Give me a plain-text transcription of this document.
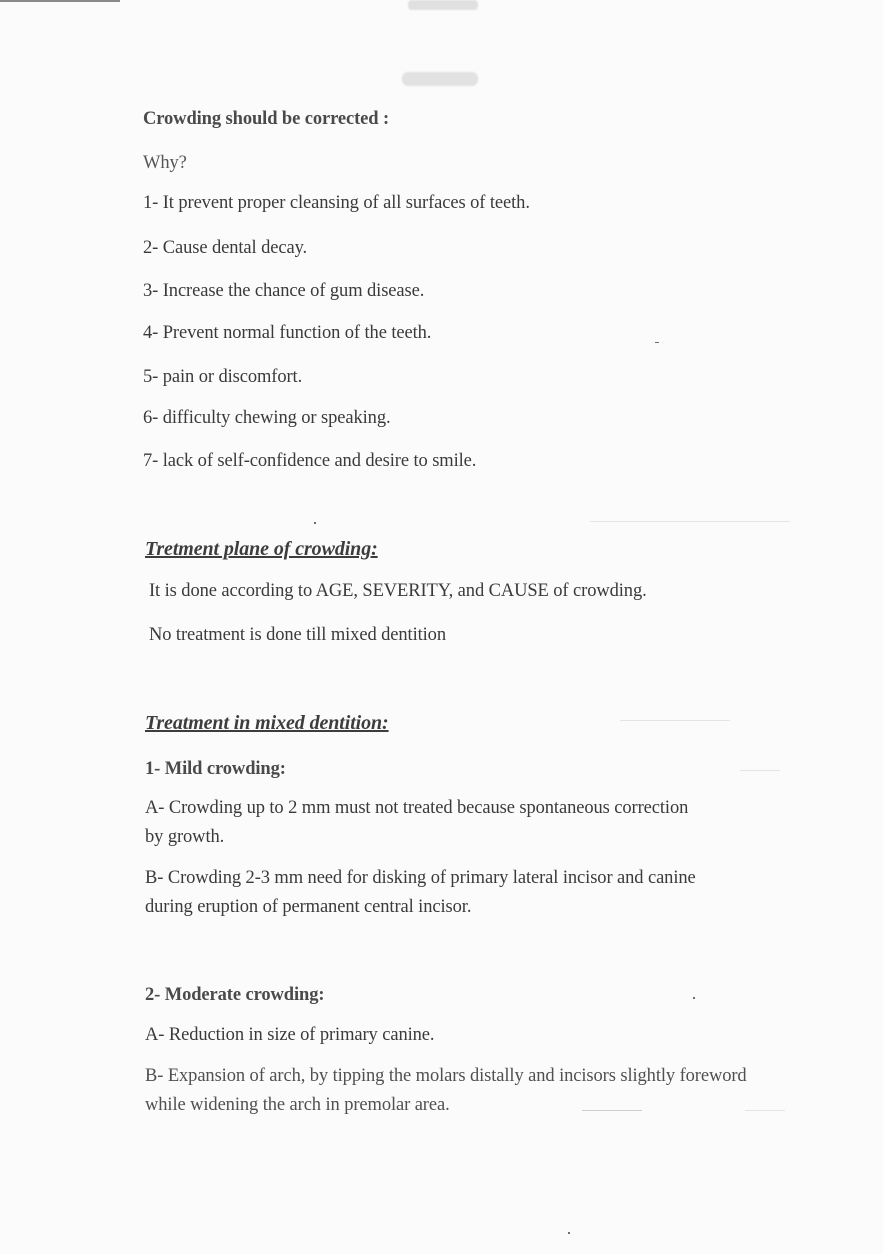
Crowding should be corrected :
Why?
1- It prevent proper cleansing of all surfaces of teeth.
2- Cause dental decay.
3- Increase the chance of gum disease.
4- Prevent normal function of the teeth.
5- pain or discomfort.
6- difficulty chewing or speaking.
7- lack of self-confidence and desire to smile.
Tretment plane of crowding:
It is done according to AGE, SEVERITY, and CAUSE of crowding.
No treatment is done till mixed dentition
Treatment in mixed dentition:
1- Mild crowding:
A- Crowding up to 2 mm must not treated because spontaneous correction by growth.
B- Crowding 2-3 mm need for disking of primary lateral incisor and canine during eruption of permanent central incisor.
2- Moderate crowding:
A- Reduction in size of primary canine.
B- Expansion of arch, by tipping the molars distally and incisors slightly foreword while widening the arch in premolar area.
